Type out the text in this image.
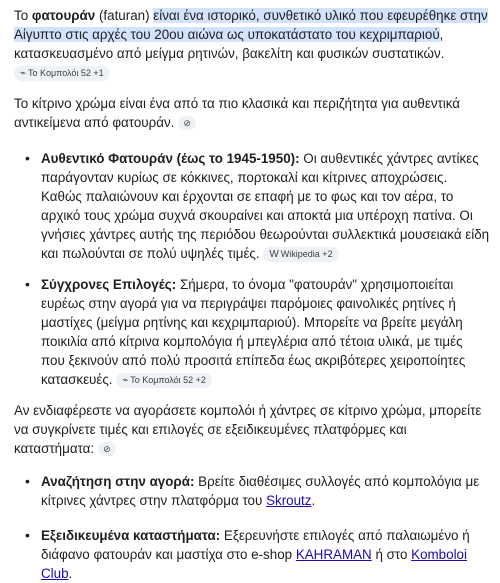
Το φατουράν (faturan) είναι ένα ιστορικό, συνθετικό υλικό που εφευρέθηκε στην Αίγυπτο στις αρχές του 20ου αιώνα ως υποκατάστατο του κεχριμπαριού, κατασκευασμένο από μείγμα ρητινών, βακελίτη και φυσικών συστατικών. ⌁ Το Κομπολόι 52 +1

Το κίτρινο χρώμα είναι ένα από τα πιο κλασικά και περιζήτητα για αυθεντικά αντικείμενα από φατουράν. ⊘

• Αυθεντικό Φατουράν (έως το 1945-1950): Οι αυθεντικές χάντρες αντίκες παράγονταν κυρίως σε κόκκινες, πορτοκαλί και κίτρινες αποχρώσεις. Καθώς παλαιώνουν και έρχονται σε επαφή με το φως και τον αέρα, το αρχικό τους χρώμα συχνά σκουραίνει και αποκτά μια υπέροχη πατίνα. Οι γνήσιες χάντρες αυτής της περιόδου θεωρούνται συλλεκτικά μουσειακά είδη και πωλούνται σε πολύ υψηλές τιμές. W Wikipedia +2
• Σύγχρονες Επιλογές: Σήμερα, το όνομα "φατουράν" χρησιμοποιείται ευρέως στην αγορά για να περιγράψει παρόμοιες φαινολικές ρητίνες ή μαστίχες (μείγμα ρητίνης και κεχριμπαριού). Μπορείτε να βρείτε μεγάλη ποικιλία από κίτρινα κομπολόγια ή μπεγλέρια από τέτοια υλικά, με τιμές που ξεκινούν από πολύ προσιτά επίπεδα έως ακριβότερες χειροποίητες κατασκευές. ⌁ Το Κομπολόι 52 +2

Αν ενδιαφέρεστε να αγοράσετε κομπολόι ή χάντρες σε κίτρινο χρώμα, μπορείτε να συγκρίνετε τιμές και επιλογές σε εξειδικευμένες πλατφόρμες και καταστήματα: ⊘

• Αναζήτηση στην αγορά: Βρείτε διαθέσιμες συλλογές από κομπολόγια με κίτρινες χάντρες στην πλατφόρμα του Skroutz.
• Εξειδικευμένα καταστήματα: Εξερευνήστε επιλογές από παλαιωμένο ή διάφανο φατουράν και μαστίχα στο e-shop KAHRAMAN ή στο Komboloi Club.
